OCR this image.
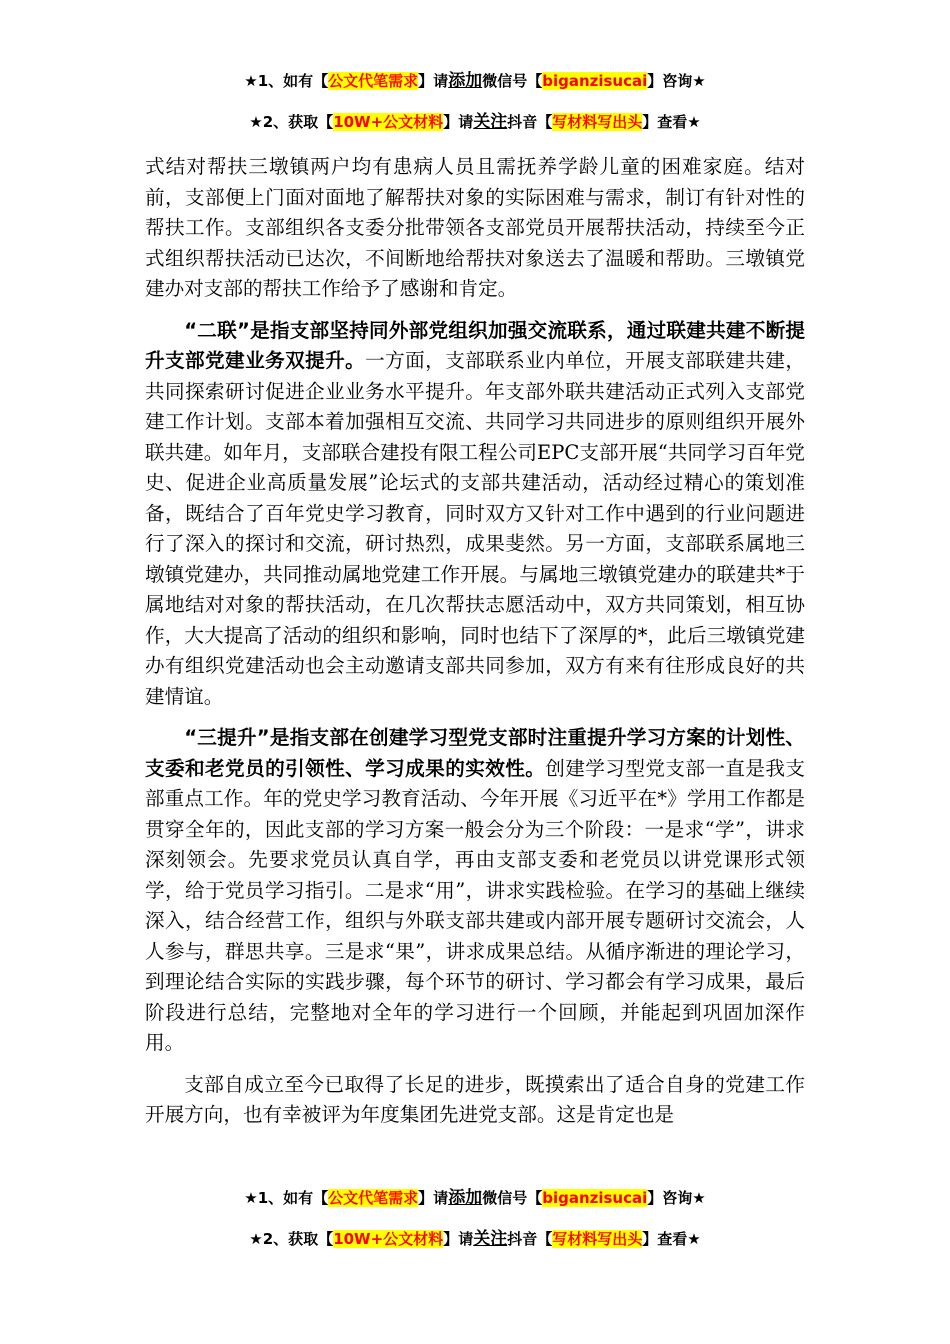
★1、如有【公文代笔需求】请添加微信号【biganzisucai】咨询★
★2、获取【10W+公文材料】请关注抖音【写材料写出头】查看★

式结对帮扶三墩镇两户均有患病人员且需抚养学龄儿童的困难家庭。结对前，支部便上门面对面地了解帮扶对象的实际困难与需求，制订有针对性的帮扶工作。支部组织各支委分批带领各支部党员开展帮扶活动，持续至今正式组织帮扶活动已达次，不间断地给帮扶对象送去了温暖和帮助。三墩镇党建办对支部的帮扶工作给予了感谢和肯定。

“二联”是指支部坚持同外部党组织加强交流联系，通过联建共建不断提升支部党建业务双提升。一方面，支部联系业内单位，开展支部联建共建，共同探索研讨促进企业业务水平提升。年支部外联共建活动正式列入支部党建工作计划。支部本着加强相互交流、共同学习共同进步的原则组织开展外联共建。如年月，支部联合建投有限工程公司EPC支部开展“共同学习百年党史、促进企业高质量发展”论坛式的支部共建活动，活动经过精心的策划准备，既结合了百年党史学习教育，同时双方又针对工作中遇到的行业问题进行了深入的探讨和交流，研讨热烈，成果斐然。另一方面，支部联系属地三墩镇党建办，共同推动属地党建工作开展。与属地三墩镇党建办的联建共*于属地结对对象的帮扶活动，在几次帮扶志愿活动中，双方共同策划，相互协作，大大提高了活动的组织和影响，同时也结下了深厚的*，此后三墩镇党建办有组织党建活动也会主动邀请支部共同参加，双方有来有往形成良好的共建情谊。

“三提升”是指支部在创建学习型党支部时注重提升学习方案的计划性、支委和老党员的引领性、学习成果的实效性。创建学习型党支部一直是我支部重点工作。年的党史学习教育活动、今年开展《习近平在*》学用工作都是贯穿全年的，因此支部的学习方案一般会分为三个阶段：一是求“学”，讲求深刻领会。先要求党员认真自学，再由支部支委和老党员以讲党课形式领学，给于党员学习指引。二是求“用”，讲求实践检验。在学习的基础上继续深入，结合经营工作，组织与外联支部共建或内部开展专题研讨交流会，人人参与，群思共享。三是求“果”，讲求成果总结。从循序渐进的理论学习，到理论结合实际的实践步骤，每个环节的研讨、学习都会有学习成果，最后阶段进行总结，完整地对全年的学习进行一个回顾，并能起到巩固加深作用。

支部自成立至今已取得了长足的进步，既摸索出了适合自身的党建工作开展方向，也有幸被评为年度集团先进党支部。这是肯定也是

★1、如有【公文代笔需求】请添加微信号【biganzisucai】咨询★
★2、获取【10W+公文材料】请关注抖音【写材料写出头】查看★
